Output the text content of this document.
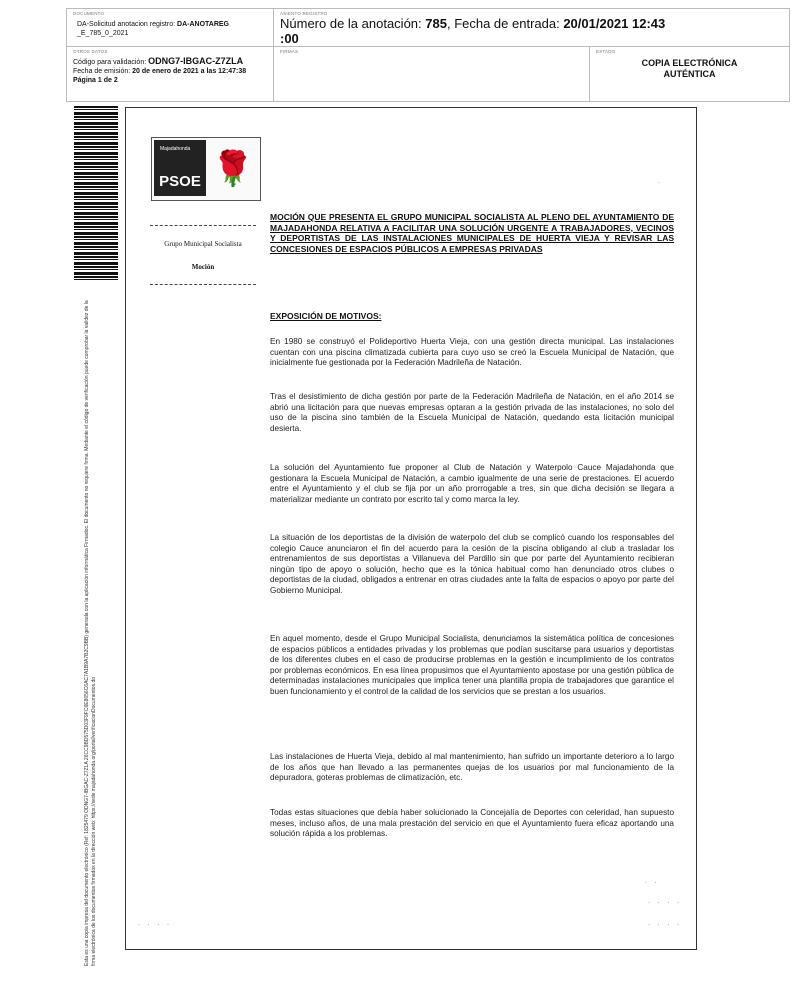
DOCUMENTO
DA-Solicitud anotacion registro: DA-ANOTAREG
_E_785_0_2021
ASIENTO REGISTRO
Número de la anotación: 785, Fecha de entrada: 20/01/2021 12:43
:00
OTROS DATOS
Código para validación: ODNG7-IBGAC-Z7ZLA
Fecha de emisión: 20 de enero de 2021 a las 12:47:38
Página 1 de 2
FIRMAS	ESTADO
COPIA ELECTRÓNICA
AUTÉNTICA
Esta es una copia impresa del documento electrónico (Ref: 1825479 ODNG7-IBGAC-Z7ZLA 26CC9BD575D03F9FC6E8656C6AC7A1B9A7B2C9BB) generada con la aplicación informática Firmadoc. El documento no requiere firma. Mediante el código de verificación puede comprobar la validez de la firma electrónica de los documentos firmados en la dirección web: https://sede.majadahonda.org/portal/verificacionDocumentos.do
Majadahonda
PSOE 🌹
Grupo Municipal Socialista
Moción
MOCIÓN QUE PRESENTA EL GRUPO MUNICIPAL SOCIALISTA AL PLENO DEL AYUNTAMIENTO DE MAJADAHONDA RELATIVA A FACILITAR UNA SOLUCIÓN URGENTE A TRABAJADORES, VECINOS Y DEPORTISTAS DE LAS INSTALACIONES MUNICIPALES DE HUERTA VIEJA Y REVISAR LAS CONCESIONES DE ESPACIOS PÚBLICOS A EMPRESAS PRIVADAS
EXPOSICIÓN DE MOTIVOS:
En 1980 se construyó el Polideportivo Huerta Vieja, con una gestión directa municipal. Las instalaciones cuentan con una piscina climatizada cubierta para cuyo uso se creó la Escuela Municipal de Natación, que inicialmente fue gestionada por la Federación Madrileña de Natación.
Tras el desistimiento de dicha gestión por parte de la Federación Madrileña de Natación, en el año 2014 se abrió una licitación para que nuevas empresas optaran a la gestión privada de las instalaciones, no solo del uso de la piscina sino también de la Escuela Municipal de Natación, quedando esta licitación municipal desierta.
La solución del Ayuntamiento fue proponer al Club de Natación y Waterpolo Cauce Majadahonda que gestionara la Escuela Municipal de Natación, a cambio igualmente de una serie de prestaciones. El acuerdo entre el Ayuntamiento y el club se fija por un año prorrogable a tres, sin que dicha decisión se llegara a materializar mediante un contrato por escrito tal y como marca la ley.
La situación de los deportistas de la división de waterpolo del club se complicó cuando los responsables del colegio Cauce anunciaron el fin del acuerdo para la cesión de la piscina obligando al club a trasladar los entrenamientos de sus deportistas a Villanueva del Pardillo sin que por parte del Ayuntamiento recibieran ningún tipo de apoyo o solución, hecho que es la tónica habitual como han denunciado otros clubes o deportistas de la ciudad, obligados a entrenar en otras ciudades ante la falta de espacios o apoyo por parte del Gobierno Municipal.
En aquel momento, desde el Grupo Municipal Socialista, denunciamos la sistemática política de concesiones de espacios públicos a entidades privadas y los problemas que podían suscitarse para usuarios y deportistas de los diferentes clubes en el caso de producirse problemas en la gestión e incumplimiento de los contratos por problemas económicos. En esa línea propusimos que el Ayuntamiento apostase por una gestión pública de determinadas instalaciones municipales que implica tener una plantilla propia de trabajadores que garantice el buen funcionamiento y el control de la calidad de los servicios que se prestan a los usuarios.
Las instalaciones de Huerta Vieja, debido al mal mantenimiento, han sufrido un importante deterioro a lo largo de los años que han llevado a las permanentes quejas de los usuarios por mal funcionamiento de la depuradora, goteras problemas de climatización, etc.
Todas estas situaciones que debía haber solucionado la Concejalía de Deportes con celeridad, han supuesto meses, incluso años, de una mala prestación del servicio en que el Ayuntamiento fuera eficaz aportando una solución rápida a los problemas.
· · · ·
· ·
· · · ·
· · · ·
·
